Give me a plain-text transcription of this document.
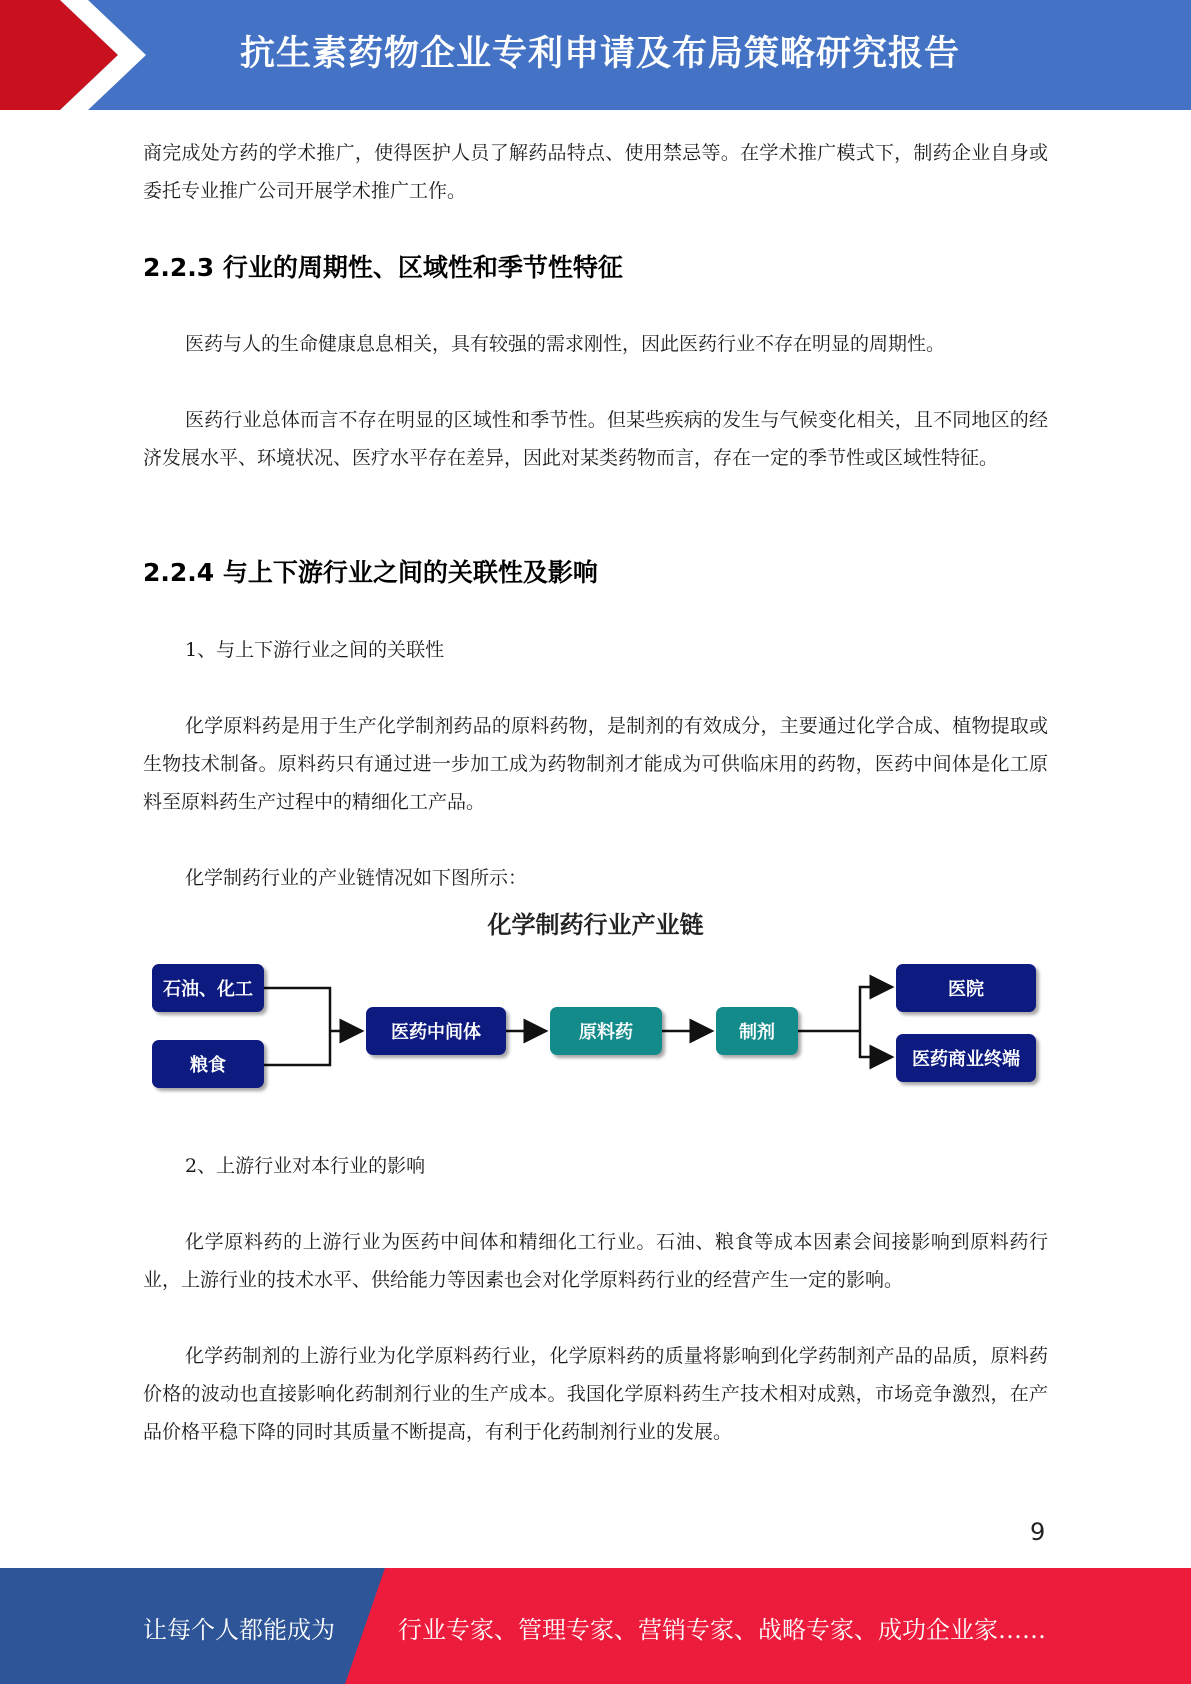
抗生素药物企业专利申请及布局策略研究报告

商完成处方药的学术推广，使得医护人员了解药品特点、使用禁忌等。在学术推广模式下，制药企业自身或委托专业推广公司开展学术推广工作。

2.2.3 行业的周期性、区域性和季节性特征

医药与人的生命健康息息相关，具有较强的需求刚性，因此医药行业不存在明显的周期性。

医药行业总体而言不存在明显的区域性和季节性。但某些疾病的发生与气候变化相关，且不同地区的经济发展水平、环境状况、医疗水平存在差异，因此对某类药物而言，存在一定的季节性或区域性特征。

2.2.4 与上下游行业之间的关联性及影响

1、与上下游行业之间的关联性

化学原料药是用于生产化学制剂药品的原料药物，是制剂的有效成分，主要通过化学合成、植物提取或生物技术制备。原料药只有通过进一步加工成为药物制剂才能成为可供临床用的药物，医药中间体是化工原料至原料药生产过程中的精细化工产品。

化学制药行业的产业链情况如下图所示：

化学制药行业产业链
石油、化工
粮食
医药中间体	原料药	制剂
医院
医药商业终端

2、上游行业对本行业的影响

化学原料药的上游行业为医药中间体和精细化工行业。石油、粮食等成本因素会间接影响到原料药行业，上游行业的技术水平、供给能力等因素也会对化学原料药行业的经营产生一定的影响。

化学药制剂的上游行业为化学原料药行业，化学原料药的质量将影响到化学药制剂产品的品质，原料药价格的波动也直接影响化药制剂行业的生产成本。我国化学原料药生产技术相对成熟，市场竞争激烈，在产品价格平稳下降的同时其质量不断提高，有利于化药制剂行业的发展。

9
让每个人都能成为	行业专家、管理专家、营销专家、战略专家、成功企业家……
